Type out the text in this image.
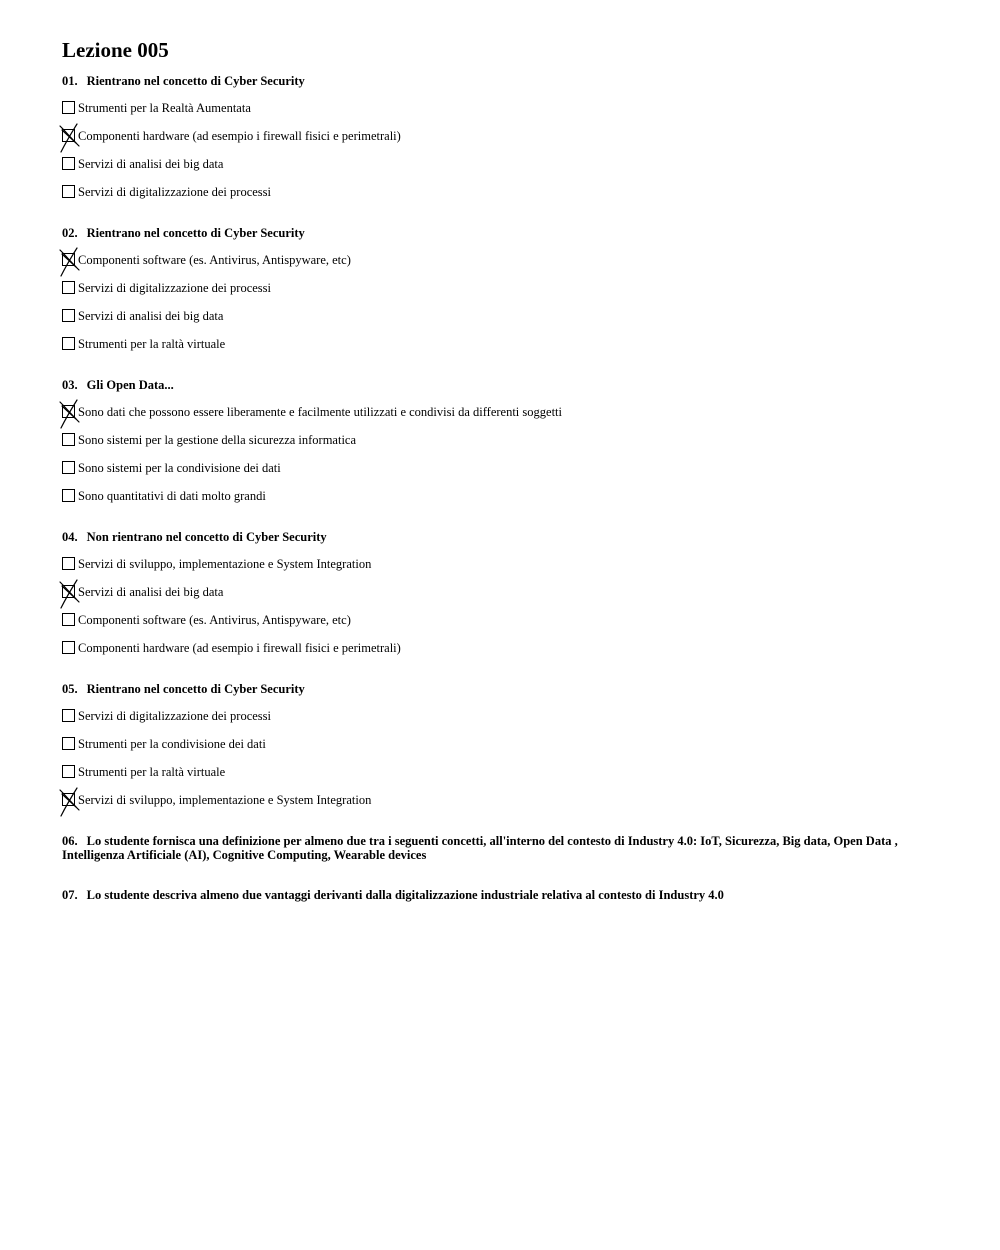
Lezione 005
01. Rientrano nel concetto di Cyber Security
Strumenti per la Realtà Aumentata
Componenti hardware (ad esempio i firewall fisici e perimetrali)
Servizi di analisi dei big data
Servizi di digitalizzazione dei processi
02. Rientrano nel concetto di Cyber Security
Componenti software (es. Antivirus, Antispyware, etc)
Servizi di digitalizzazione dei processi
Servizi di analisi dei big data
Strumenti per la raltà virtuale
03. Gli Open Data...
Sono dati che possono essere liberamente e facilmente utilizzati e condivisi da differenti soggetti
Sono sistemi per la gestione della sicurezza informatica
Sono sistemi per la condivisione dei dati
Sono quantitativi di dati molto grandi
04. Non rientrano nel concetto di Cyber Security
Servizi di sviluppo, implementazione e System Integration
Servizi di analisi dei big data
Componenti software (es. Antivirus, Antispyware, etc)
Componenti hardware (ad esempio i firewall fisici e perimetrali)
05. Rientrano nel concetto di Cyber Security
Servizi di digitalizzazione dei processi
Strumenti per la condivisione dei dati
Strumenti per la raltà virtuale
Servizi di sviluppo, implementazione e System Integration
06. Lo studente fornisca una definizione per almeno due tra i seguenti concetti, all'interno del contesto di Industry 4.0: IoT, Sicurezza, Big data, Open Data , Intelligenza Artificiale (AI), Cognitive Computing, Wearable devices
07. Lo studente descriva almeno due vantaggi derivanti dalla digitalizzazione industriale relativa al contesto di Industry 4.0
